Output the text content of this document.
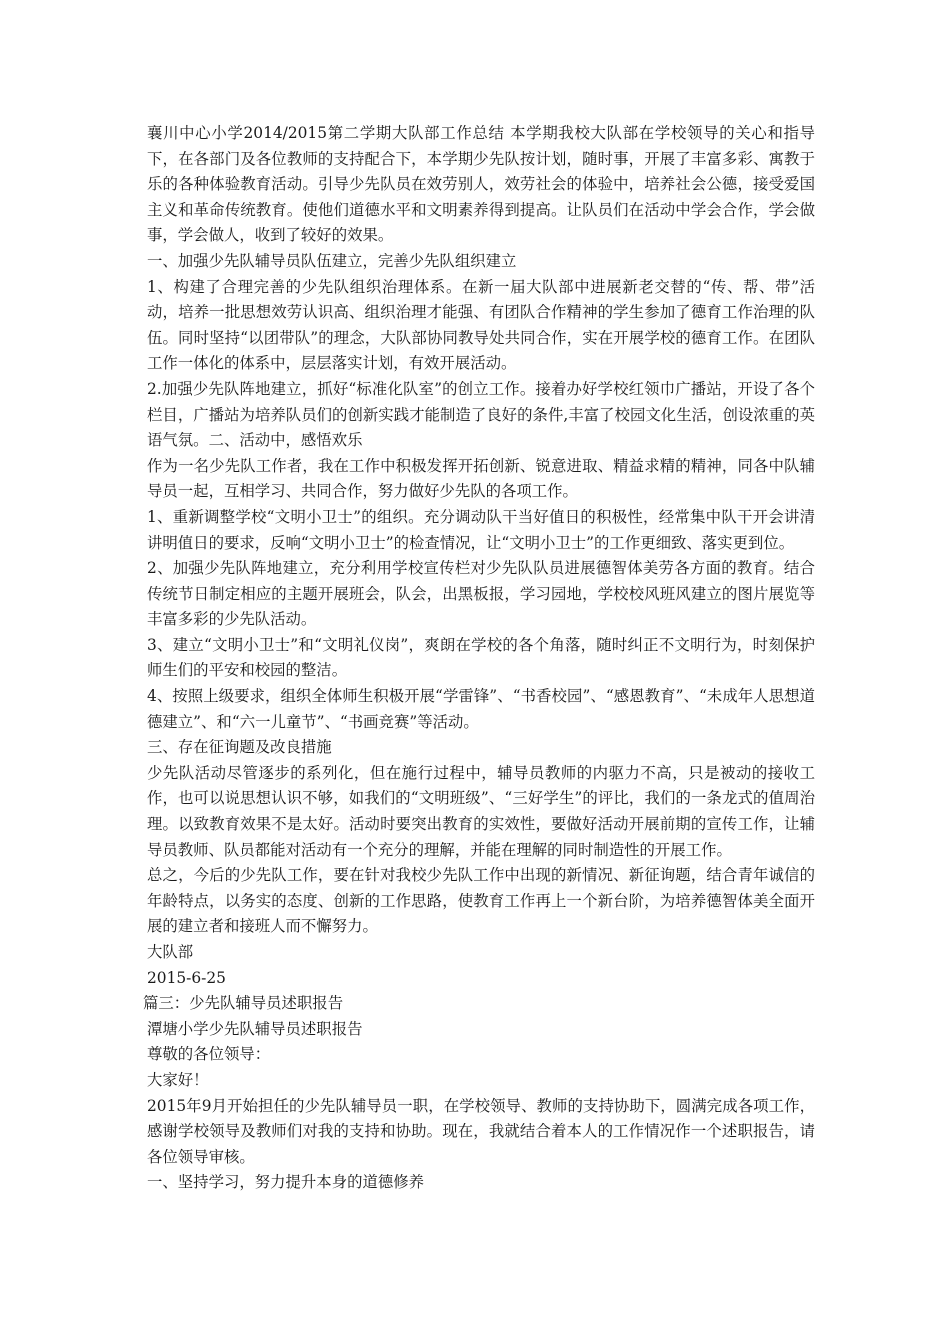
襄川中心小学2014/2015第二学期大队部工作总结 本学期我校大队部在学校领导的关心和指导下，在各部门及各位教师的支持配合下，本学期少先队按计划，随时事，开展了丰富多彩、寓教于乐的各种体验教育活动。引导少先队员在效劳别人，效劳社会的体验中，培养社会公德，接受爱国主义和革命传统教育。使他们道德水平和文明素养得到提高。让队员们在活动中学会合作，学会做事，学会做人，收到了较好的效果。

一、加强少先队辅导员队伍建立，完善少先队组织建立

1、构建了合理完善的少先队组织治理体系。在新一届大队部中进展新老交替的“传、帮、带”活动，培养一批思想效劳认识高、组织治理才能强、有团队合作精神的学生参加了德育工作治理的队伍。同时坚持“以团带队”的理念，大队部协同教导处共同合作，实在开展学校的德育工作。在团队工作一体化的体系中，层层落实计划，有效开展活动。

2.加强少先队阵地建立，抓好“标准化队室”的创立工作。接着办好学校红领巾广播站，开设了各个栏目，广播站为培养队员们的创新实践才能制造了良好的条件,丰富了校园文化生活，创设浓重的英语气氛。二、活动中，感悟欢乐

作为一名少先队工作者，我在工作中积极发挥开拓创新、锐意进取、精益求精的精神，同各中队辅导员一起，互相学习、共同合作，努力做好少先队的各项工作。

1、重新调整学校“文明小卫士”的组织。充分调动队干当好值日的积极性，经常集中队干开会讲清讲明值日的要求，反响“文明小卫士”的检查情况，让“文明小卫士”的工作更细致、落实更到位。

2、加强少先队阵地建立，充分利用学校宣传栏对少先队队员进展德智体美劳各方面的教育。结合传统节日制定相应的主题开展班会，队会，出黑板报，学习园地，学校校风班风建立的图片展览等丰富多彩的少先队活动。

3、建立“文明小卫士”和“文明礼仪岗”，爽朗在学校的各个角落，随时纠正不文明行为，时刻保护师生们的平安和校园的整洁。

4、按照上级要求，组织全体师生积极开展“学雷锋”、“书香校园”、“感恩教育”、“未成年人思想道德建立”、和“六一儿童节”、“书画竞赛”等活动。

三、存在征询题及改良措施

少先队活动尽管逐步的系列化，但在施行过程中，辅导员教师的内驱力不高，只是被动的接收工作，也可以说思想认识不够，如我们的“文明班级”、“三好学生”的评比，我们的一条龙式的值周治理。以致教育效果不是太好。活动时要突出教育的实效性，要做好活动开展前期的宣传工作，让辅导员教师、队员都能对活动有一个充分的理解，并能在理解的同时制造性的开展工作。

总之，今后的少先队工作，要在针对我校少先队工作中出现的新情况、新征询题，结合青年诚信的年龄特点，以务实的态度、创新的工作思路，使教育工作再上一个新台阶，为培养德智体美全面开展的建立者和接班人而不懈努力。

大队部

2015-6-25

篇三：少先队辅导员述职报告

潭塘小学少先队辅导员述职报告

尊敬的各位领导：

大家好！

2015年9月开始担任的少先队辅导员一职，在学校领导、教师的支持协助下，圆满完成各项工作，感谢学校领导及教师们对我的支持和协助。现在，我就结合着本人的工作情况作一个述职报告，请各位领导审核。

一、坚持学习，努力提升本身的道德修养
